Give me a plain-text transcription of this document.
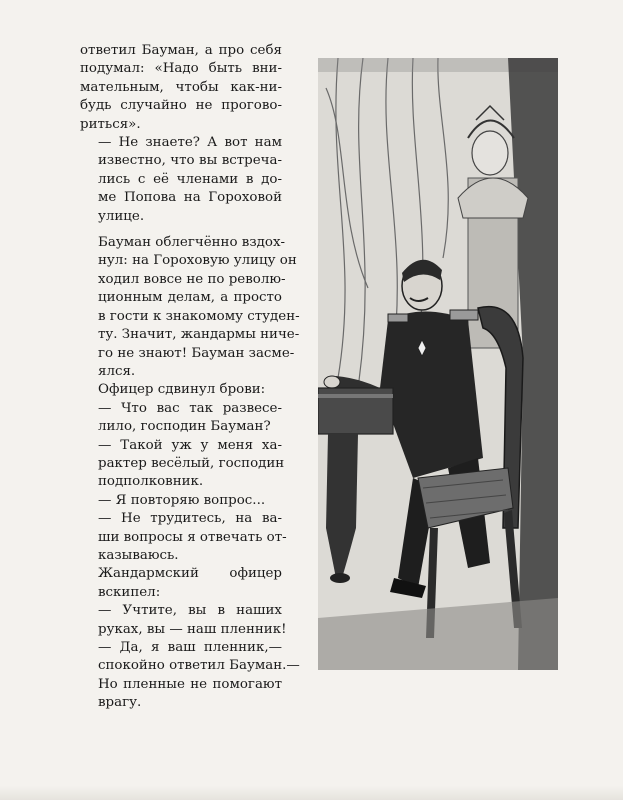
ответил Бауман, а про себя
подумал: «Надо быть вни-
мательным, чтобы как-ни-
будь случайно не проговo-
риться».

— Не знаете? А вот нам
известно, что вы встреча-
лись с её членами в до-
ме Попова на Гороховой
улице.

Бауман облегчённо вздох-
нул: на Гороховую улицу он
ходил вовсе не по револю-
ционным делам, а просто
в гости к знакомому студен-
ту. Значит, жандармы ниче-
го не знают! Бауман засме-
ялся.

Офицер сдвинул брови:

— Что вас так развесе-
лило, господин Бауман?

— Такой уж у меня ха-
рактер весёлый, господин
подполковник.

— Я повторяю вопрос...

— Не трудитесь, на ва-
ши вопросы я отвечать от-
казываюсь.

Жандармский офицер
вскипел:

— Учтите, вы в наших
руках, вы — наш пленник!

— Да, я ваш пленник,—
спокойно ответил Бауман.—
Но пленные не помогают
врагу.
